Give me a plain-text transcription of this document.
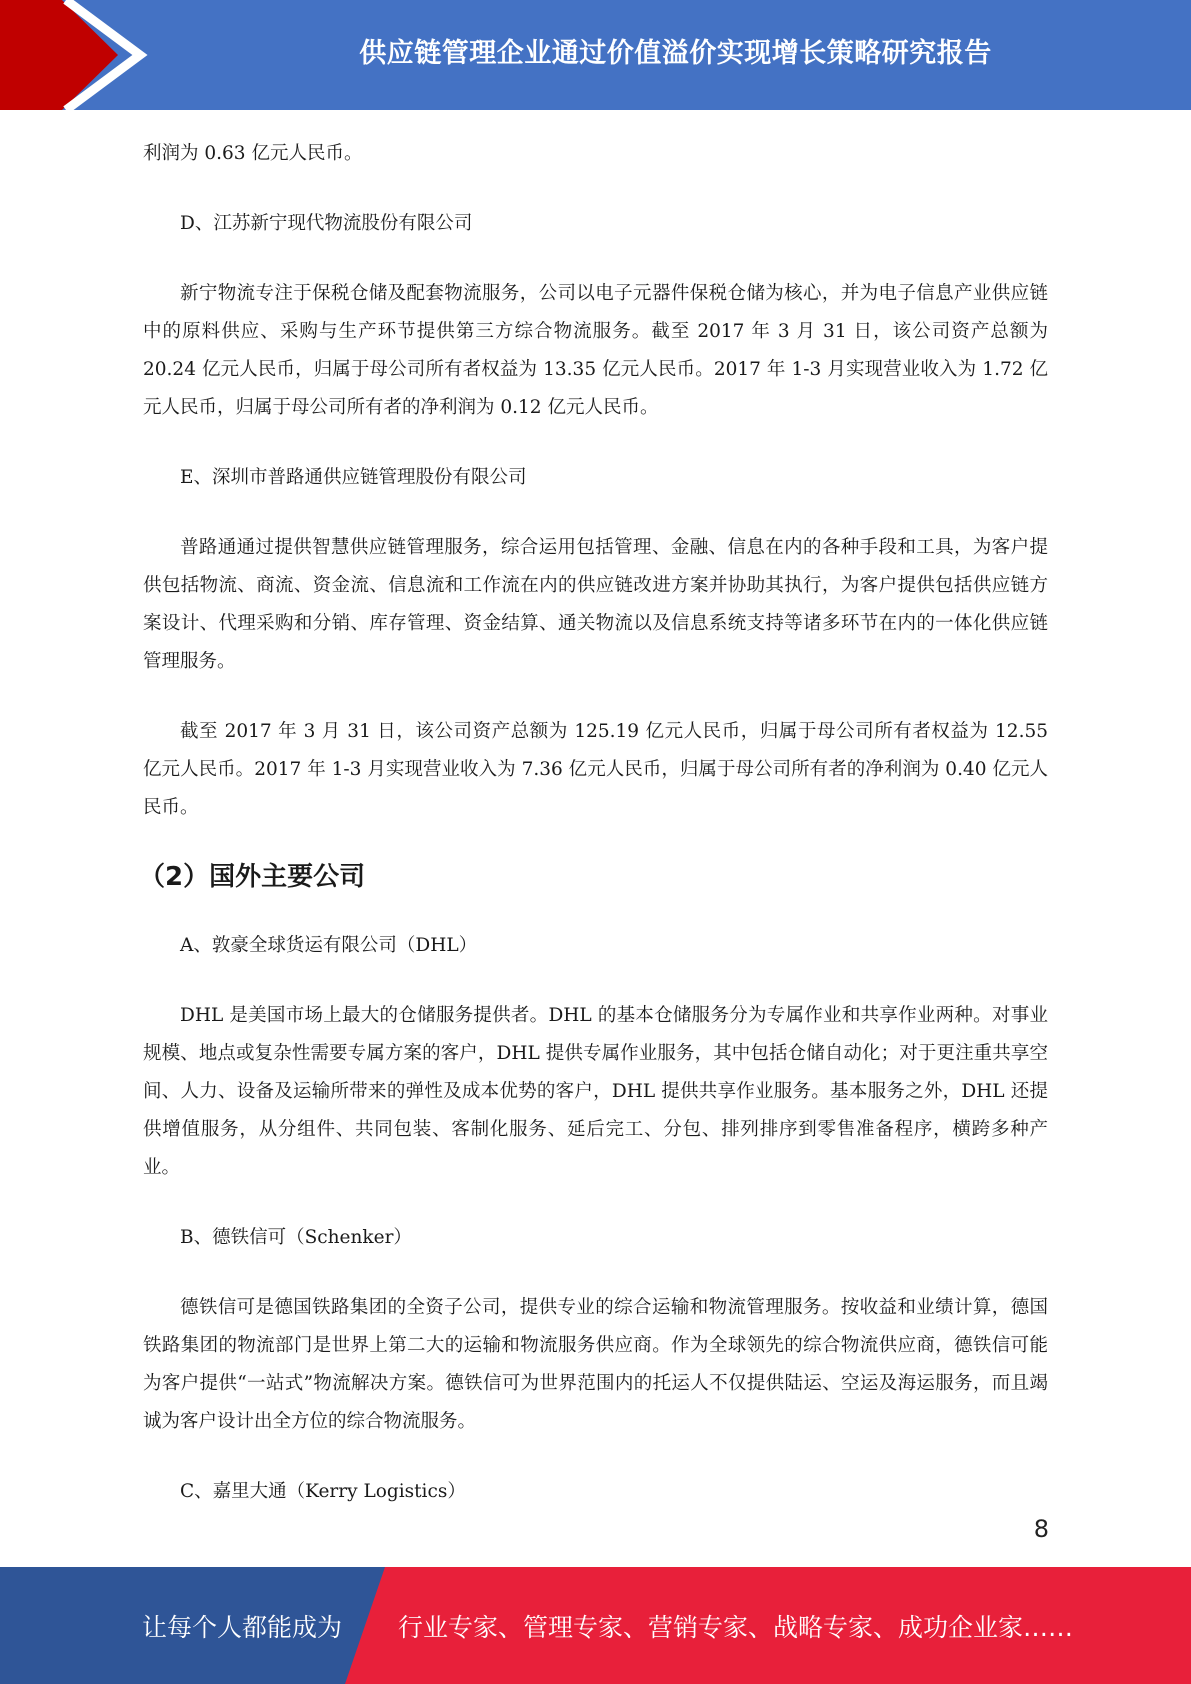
供应链管理企业通过价值溢价实现增长策略研究报告

利润为 0.63 亿元人民币。

D、江苏新宁现代物流股份有限公司

新宁物流专注于保税仓储及配套物流服务，公司以电子元器件保税仓储为核心，并为电子信息产业供应链中的原料供应、采购与生产环节提供第三方综合物流服务。截至 2017 年 3 月 31 日，该公司资产总额为 20.24 亿元人民币，归属于母公司所有者权益为 13.35 亿元人民币。2017 年 1-3 月实现营业收入为 1.72 亿元人民币，归属于母公司所有者的净利润为 0.12 亿元人民币。

E、深圳市普路通供应链管理股份有限公司

普路通通过提供智慧供应链管理服务，综合运用包括管理、金融、信息在内的各种手段和工具，为客户提供包括物流、商流、资金流、信息流和工作流在内的供应链改进方案并协助其执行，为客户提供包括供应链方案设计、代理采购和分销、库存管理、资金结算、通关物流以及信息系统支持等诸多环节在内的一体化供应链管理服务。

截至 2017 年 3 月 31 日，该公司资产总额为 125.19 亿元人民币，归属于母公司所有者权益为 12.55 亿元人民币。2017 年 1-3 月实现营业收入为 7.36 亿元人民币，归属于母公司所有者的净利润为 0.40 亿元人民币。

（2）国外主要公司

A、敦豪全球货运有限公司（DHL）

DHL 是美国市场上最大的仓储服务提供者。DHL 的基本仓储服务分为专属作业和共享作业两种。对事业规模、地点或复杂性需要专属方案的客户，DHL 提供专属作业服务，其中包括仓储自动化；对于更注重共享空间、人力、设备及运输所带来的弹性及成本优势的客户，DHL 提供共享作业服务。基本服务之外，DHL 还提供增值服务，从分组件、共同包装、客制化服务、延后完工、分包、排列排序到零售准备程序，横跨多种产业。

B、德铁信可（Schenker）

德铁信可是德国铁路集团的全资子公司，提供专业的综合运输和物流管理服务。按收益和业绩计算，德国铁路集团的物流部门是世界上第二大的运输和物流服务供应商。作为全球领先的综合物流供应商，德铁信可能为客户提供“一站式”物流解决方案。德铁信可为世界范围内的托运人不仅提供陆运、空运及海运服务，而且竭诚为客户设计出全方位的综合物流服务。

C、嘉里大通（Kerry Logistics）

8
让每个人都能成为	行业专家、管理专家、营销专家、战略专家、成功企业家……
